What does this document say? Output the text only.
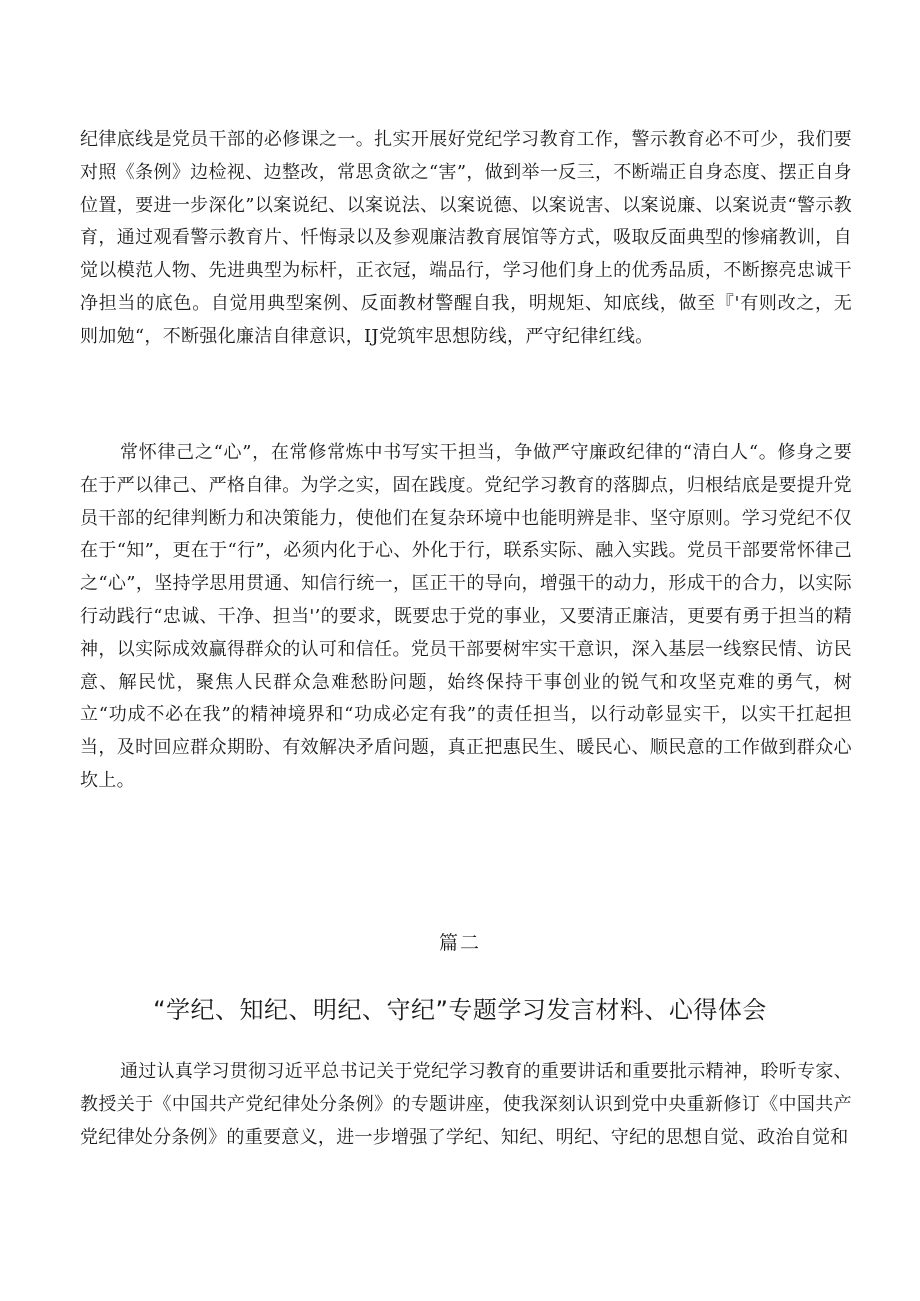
纪律底线是党员干部的必修课之一。扎实开展好党纪学习教育工作，警示教育必不可少，我们要对照《条例》边检视、边整改，常思贪欲之“害”，做到举一反三，不断端正自身态度、摆正自身位置，要进一步深化”以案说纪、以案说法、以案说德、以案说害、以案说廉、以案说责“警示教育，通过观看警示教育片、忏悔录以及参观廉洁教育展馆等方式，吸取反面典型的惨痛教训，自觉以模范人物、先进典型为标杆，正衣冠，端品行，学习他们身上的优秀品质，不断擦亮忠诚干净担当的底色。自觉用典型案例、反面教材警醒自我，明规矩、知底线，做至『'有则改之，无则加勉“，不断强化廉洁自律意识，IJ党筑牢思想防线，严守纪律红线。

常怀律己之“心”，在常修常炼中书写实干担当，争做严守廉政纪律的“清白人“。修身之要在于严以律己、严格自律。为学之实，固在践度。党纪学习教育的落脚点，归根结底是要提升党员干部的纪律判断力和决策能力，使他们在复杂环境中也能明辨是非、坚守原则。学习党纪不仅在于“知”，更在于“行”，必须内化于心、外化于行，联系实际、融入实践。党员干部要常怀律己之“心”，坚持学思用贯通、知信行统一，匡正干的导向，增强干的动力，形成干的合力，以实际行动践行“忠诚、干净、担当'’的要求，既要忠于党的事业，又要清正廉洁，更要有勇于担当的精神，以实际成效赢得群众的认可和信任。党员干部要树牢实干意识，深入基层一线察民情、访民意、解民忧，聚焦人民群众急难愁盼问题，始终保持干事创业的锐气和攻坚克难的勇气，树立“功成不必在我”的精神境界和“功成必定有我”的责任担当，以行动彰显实干，以实干扛起担当，及时回应群众期盼、有效解决矛盾问题，真正把惠民生、暖民心、顺民意的工作做到群众心坎上。

篇二

“学纪、知纪、明纪、守纪”专题学习发言材料、心得体会

通过认真学习贯彻习近平总书记关于党纪学习教育的重要讲话和重要批示精神，聆听专家、教授关于《中国共产党纪律处分条例》的专题讲座，使我深刻认识到党中央重新修订《中国共产党纪律处分条例》的重要意义，进一步增强了学纪、知纪、明纪、守纪的思想自觉、政治自觉和
